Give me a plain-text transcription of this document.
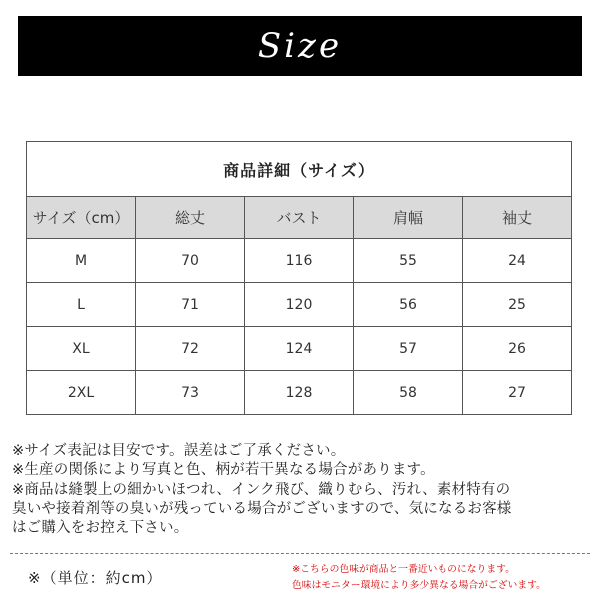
Size
商品詳細（サイズ）				
サイズ（cm）	総丈	バスト	肩幅	袖丈
M	70	116	55	24
L	71	120	56	25
XL	72	124	57	26
2XL	73	128	58	27
※サイズ表記は目安です。誤差はご了承ください。
※生産の関係により写真と色、柄が若干異なる場合があります。
※商品は縫製上の細かいほつれ、インク飛び、織りむら、汚れ、素材特有の
臭いや接着剤等の臭いが残っている場合がございますので、気になるお客様
はご購入をお控え下さい。
※（単位：約cm）	※こちらの色味が商品と一番近いものになります。
色味はモニター環境により多少異なる場合がございます。
